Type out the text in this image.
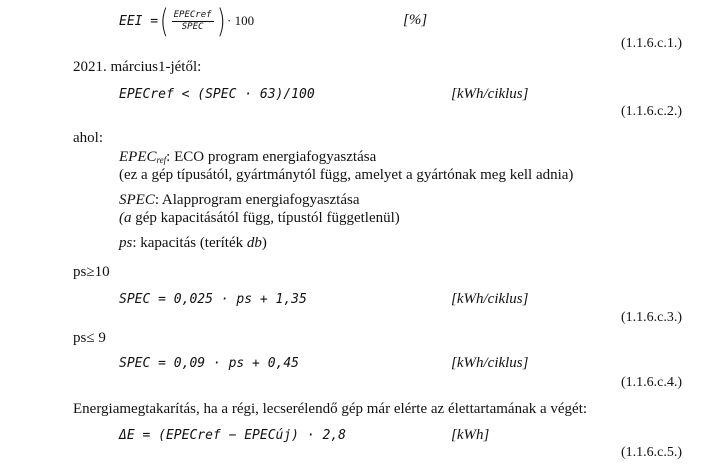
EEI = ( $\frac{\text{EPECref}}{\text{SPEC}}$ ) · 100	[%]
(1.1.6.c.1.)
2021. március1-jétől:
EPECref < (SPEC · 63)/100	[kWh/ciklus]
(1.1.6.c.2.)
ahol:
$EPEC_{ref}$: ECO program energiafogyasztása
(ez a gép típusától, gyártmánytól függ, amelyet a gyártónak meg kell adnia)
SPEC: Alapprogram energiafogyasztása
(a gép kapacitásától függ, típustól függetlenül)
ps: kapacitás (teríték db)
ps≥10
SPEC = 0,025 · ps + 1,35	[kWh/ciklus]
(1.1.6.c.3.)
ps≤ 9
SPEC = 0,09 · ps + 0,45	[kWh/ciklus]
(1.1.6.c.4.)
Energiamegtakarítás, ha a régi, lecserélendő gép már elérte az élettartamának a végét:
ΔE = (EPECref − EPECúj) · 2,8	[kWh]
(1.1.6.c.5.)
